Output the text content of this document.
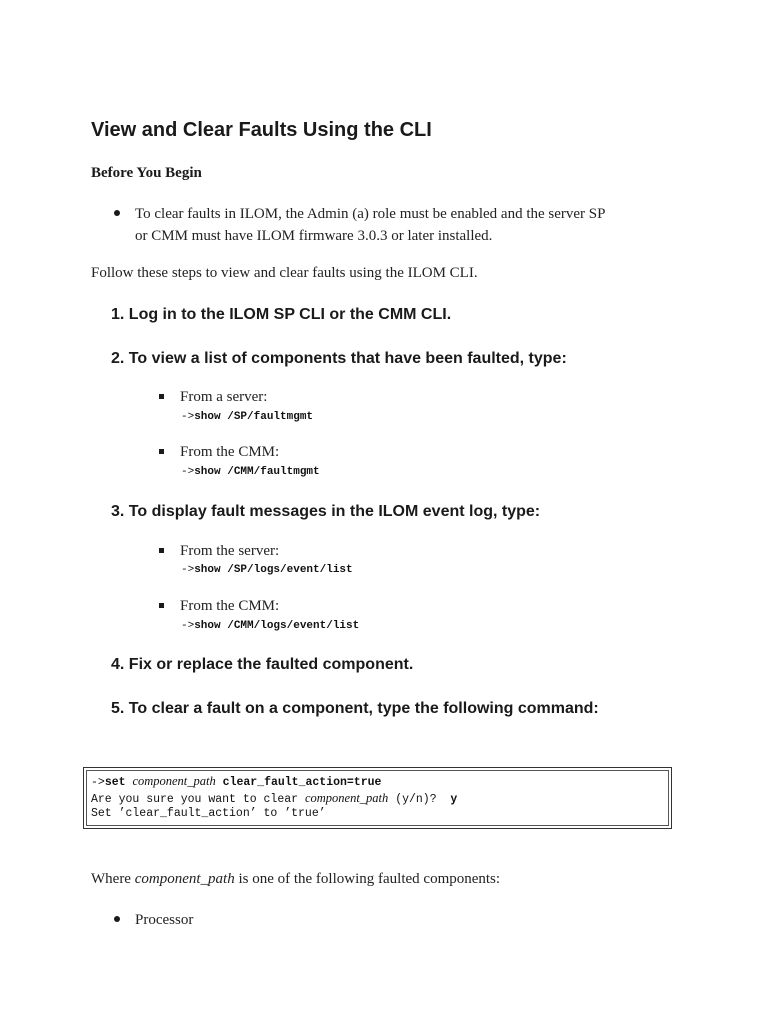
View and Clear Faults Using the CLI
Before You Begin
To clear faults in ILOM, the Admin (a) role must be enabled and the server SP
or CMM must have ILOM firmware 3.0.3 or later installed.
Follow these steps to view and clear faults using the ILOM CLI.
1. Log in to the ILOM SP CLI or the CMM CLI.
2. To view a list of components that have been faulted, type:
From a server:
->show /SP/faultmgmt
From the CMM:
->show /CMM/faultmgmt
3. To display fault messages in the ILOM event log, type:
From the server:
->show /SP/logs/event/list
From the CMM:
->show /CMM/logs/event/list
4. Fix or replace the faulted component.
5. To clear a fault on a component, type the following command:
->set component_path clear_fault_action=true
Are you sure you want to clear component_path (y/n)? y
Set ’clear_fault_action’ to ’true’
Where component_path is one of the following faulted components:
Processor
